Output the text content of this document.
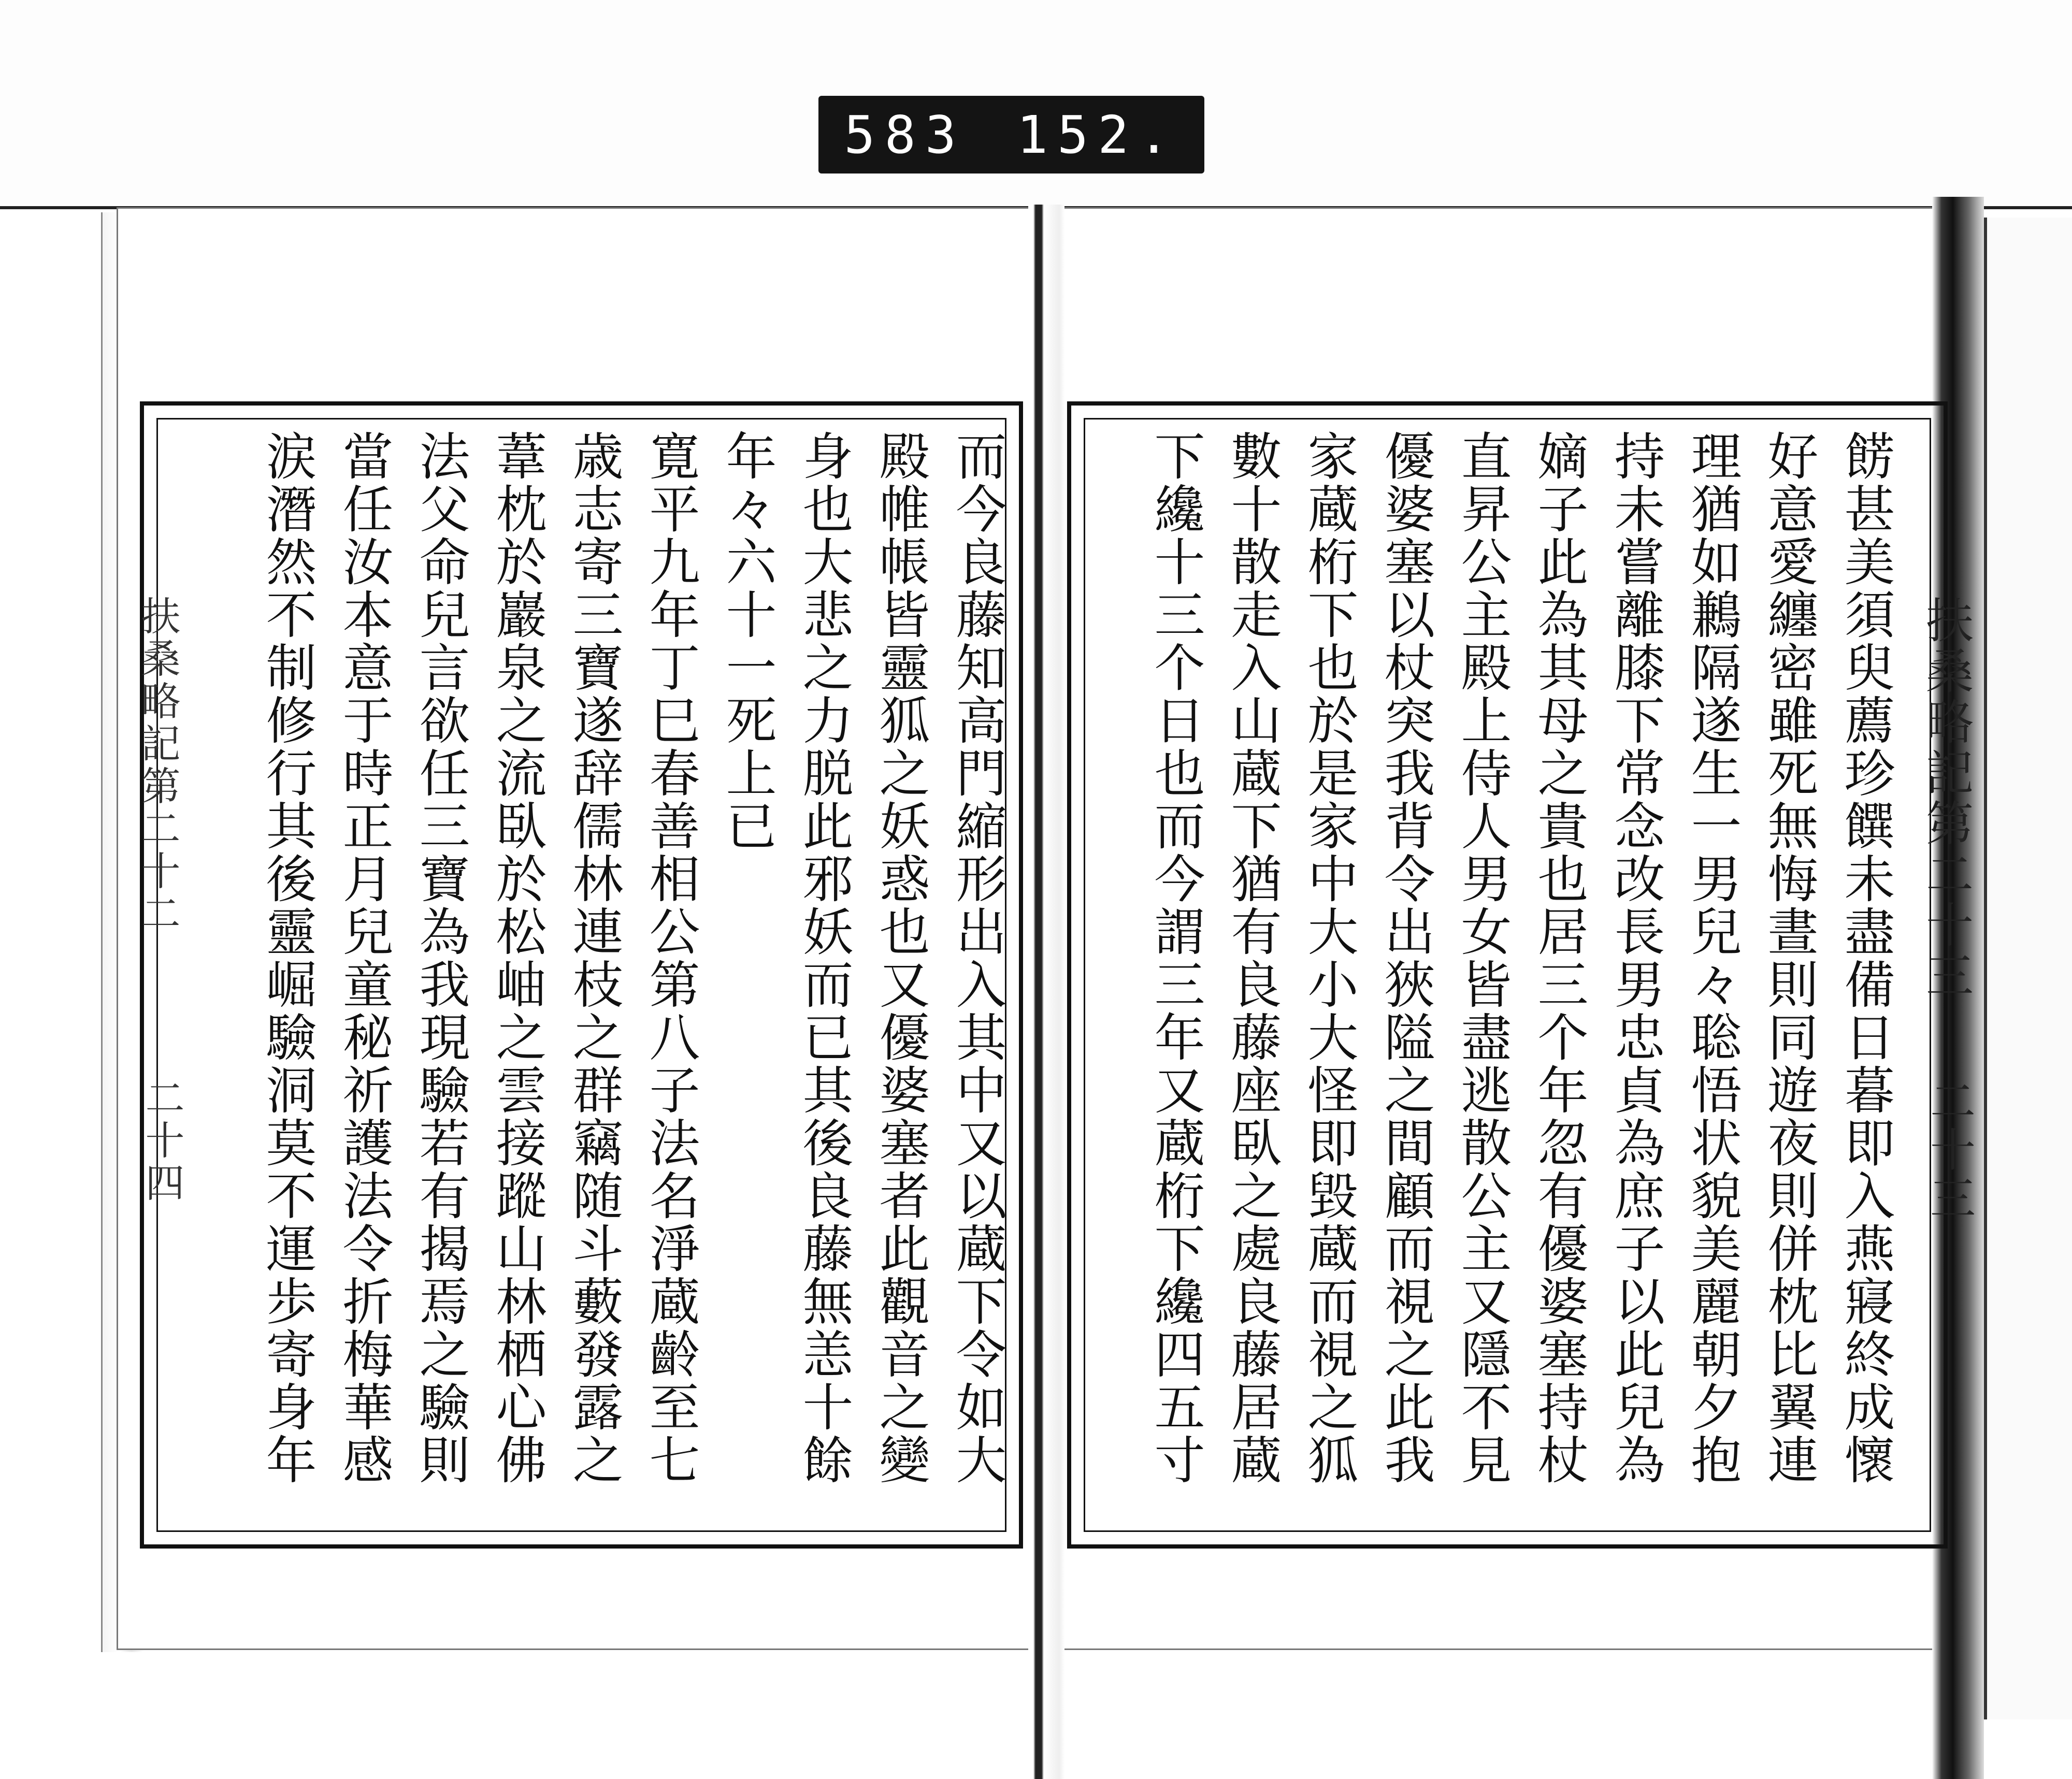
583 152.
扶桑略記第二十二
二十四
扶桑略記第二十三
二十三

餝甚美須臾薦珍饌未盡備日暮即入燕寢終成懷

好意愛纏密雖死無悔晝則同遊夜則併枕比翼連

理猶如鶼隔遂生一男兒々聡悟状貌美麗朝夕抱

持未嘗離膝下常念改長男忠貞為庶子以此兒為

嫡子此為其母之貴也居三个年忽有優婆塞持杖

直昇公主殿上侍人男女皆盡逃散公主又隱不見

優婆塞以杖突我背令出狹隘之間顧而視之此我

家蔵桁下也於是家中大小大怪即毀蔵而視之狐

數十散走入山蔵下猶有良藤座臥之處良藤居蔵

下纔十三个日也而今謂三年又蔵桁下纔四五寸

而今良藤知高門縮形出入其中又以蔵下令如大

殿帷帳皆靈狐之妖惑也又優婆塞者此觀音之變

身也大悲之力脱此邪妖而已其後良藤無恙十餘

年々六十一死上已

寛平九年丁巳春善相公第八子法名淨蔵齡至七

歳志寄三寶遂辞儒林連枝之群竊随斗藪發露之

葦枕於巖泉之流臥於松岫之雲接蹤山林栖心佛

法父命兒言欲任三寶為我現驗若有揭焉之驗則

當任汝本意于時正月兒童秘祈護法令折梅華感

涙潛然不制修行其後靈崛驗洞莫不運歩寄身年
